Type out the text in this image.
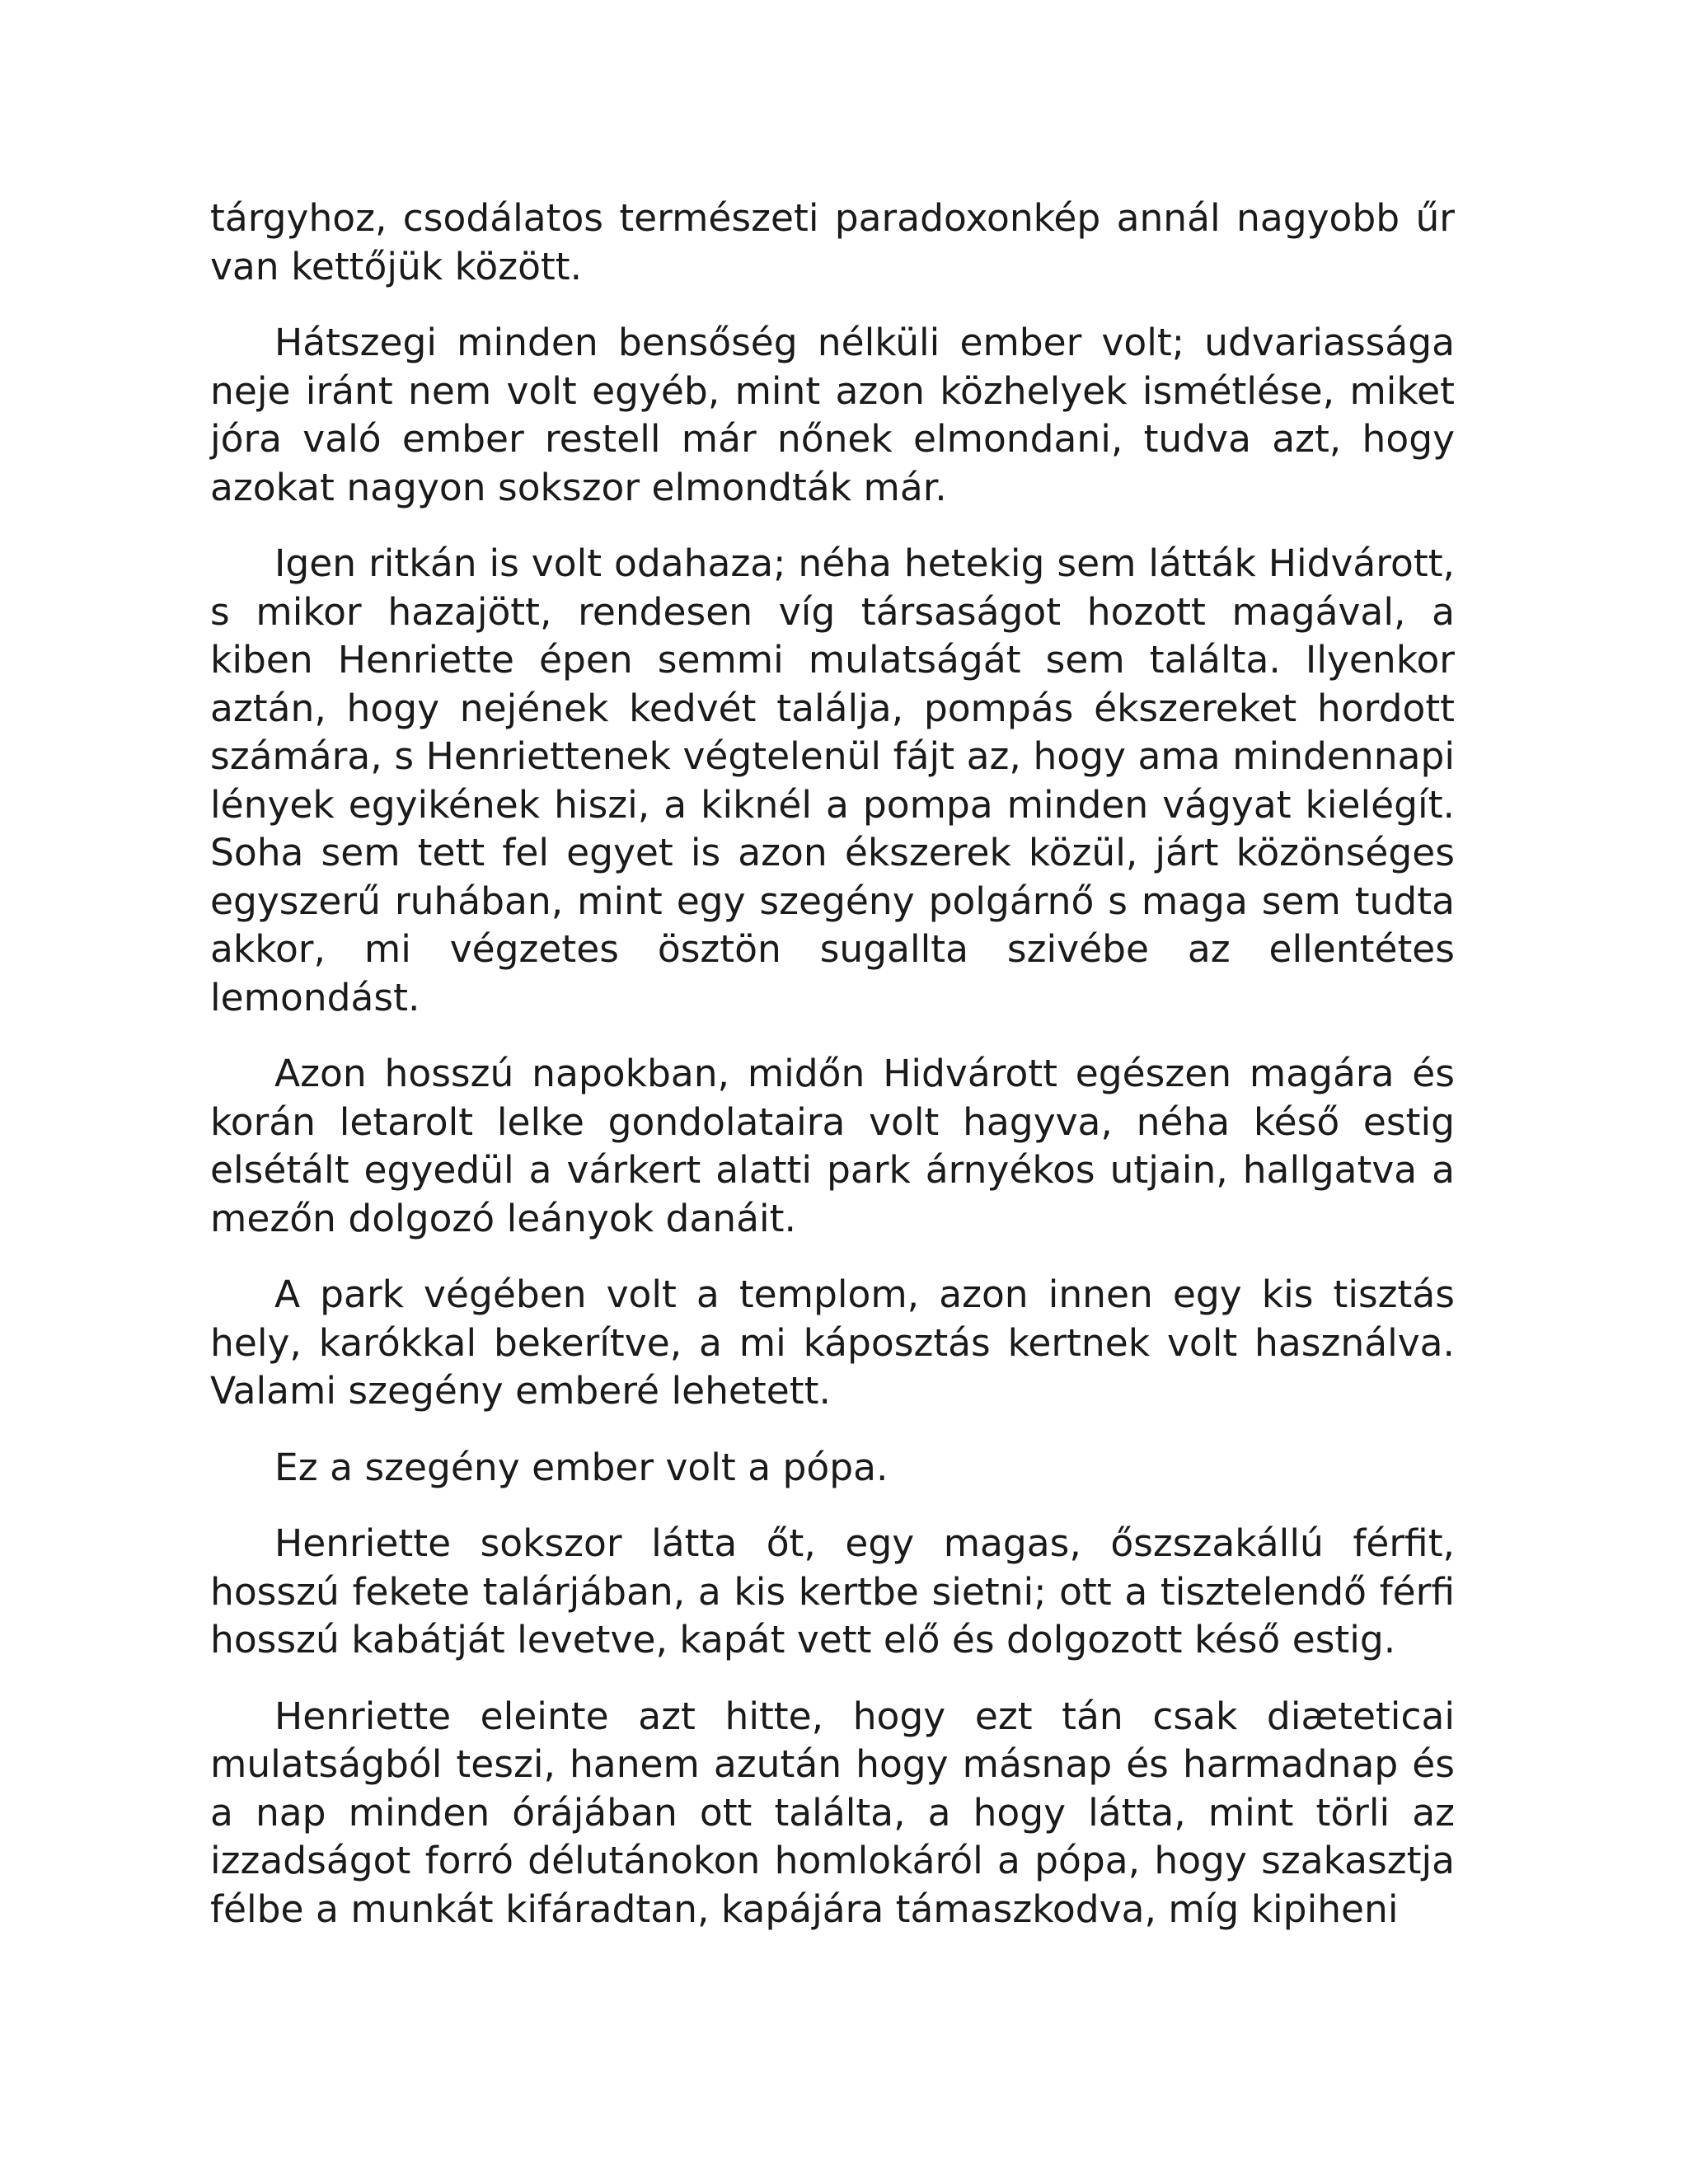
tárgyhoz, csodálatos természeti paradoxonkép annál nagyobb űr van kettőjük között.

Hátszegi minden bensőség nélküli ember volt; udvariassága neje iránt nem volt egyéb, mint azon közhelyek ismétlése, miket jóra való ember restell már nőnek elmondani, tudva azt, hogy azokat nagyon sokszor elmondták már.

Igen ritkán is volt odahaza; néha hetekig sem látták Hidvárott, s mikor hazajött, rendesen víg társaságot hozott magával, a kiben Henriette épen semmi mulatságát sem találta. Ilyenkor aztán, hogy nejének kedvét találja, pompás ékszereket hordott számára, s Henriettenek végtelenül fájt az, hogy ama mindennapi lények egyikének hiszi, a kiknél a pompa minden vágyat kielégít. Soha sem tett fel egyet is azon ékszerek közül, járt közönséges egyszerű ruhában, mint egy szegény polgárnő s maga sem tudta akkor, mi végzetes ösztön sugallta szivébe az ellentétes lemondást.

Azon hosszú napokban, midőn Hidvárott egészen magára és korán letarolt lelke gondolataira volt hagyva, néha késő estig elsétált egyedül a várkert alatti park árnyékos utjain, hallgatva a mezőn dolgozó leányok danáit.

A park végében volt a templom, azon innen egy kis tisztás hely, karókkal bekerítve, a mi káposztás kertnek volt használva. Valami szegény emberé lehetett.

Ez a szegény ember volt a pópa.

Henriette sokszor látta őt, egy magas, őszszakállú férfit, hosszú fekete talárjában, a kis kertbe sietni; ott a tisztelendő férfi hosszú kabátját levetve, kapát vett elő és dolgozott késő estig.

Henriette eleinte azt hitte, hogy ezt tán csak diæteticai mulatságból teszi, hanem azután hogy másnap és harmadnap és a nap minden órájában ott találta, a hogy látta, mint törli az izzadságot forró délutánokon homlokáról a pópa, hogy szakasztja félbe a munkát kifáradtan, kapájára támaszkodva, míg kipiheni
